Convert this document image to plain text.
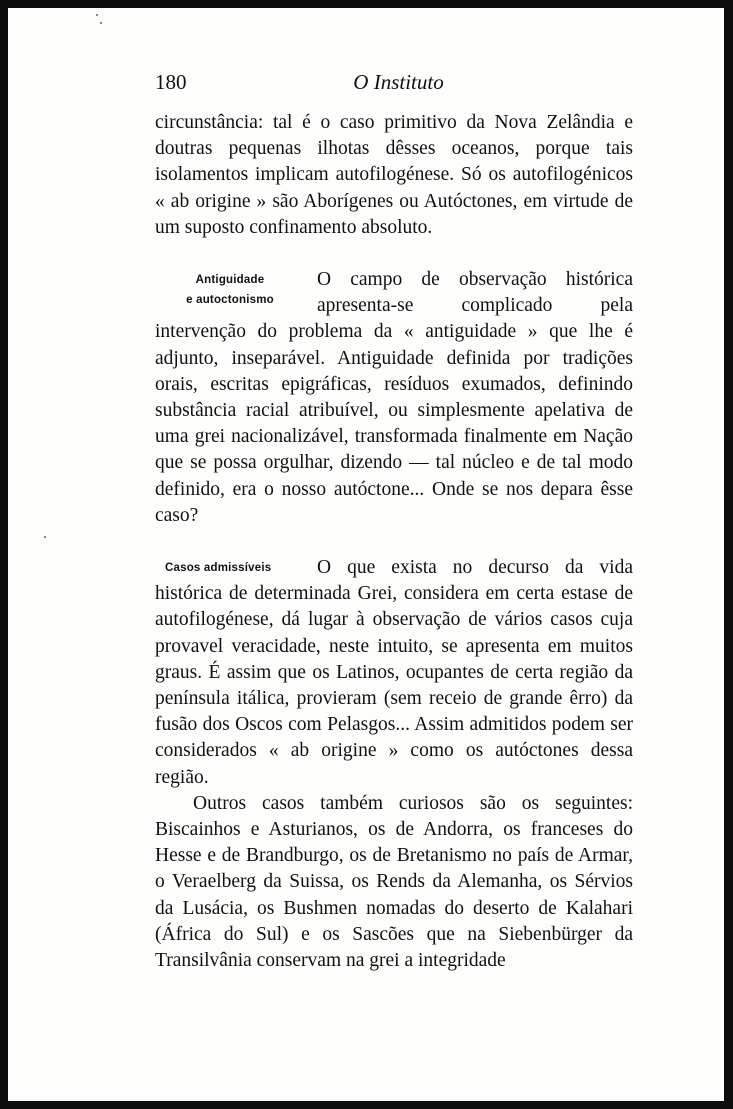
180	O Instituto

circunstância: tal é o caso primitivo da Nova Zelândia e doutras pequenas ilhotas dêsses oceanos, porque tais isolamentos implicam autofilogénese. Só os autofilogénicos « ab origine » são Aborígenes ou Autóctones, em virtude de um suposto confinamento absoluto.

Antiguidade
e autoctonismo
O campo de observação histórica apresenta-se complicado pela intervenção do problema da « antiguidade » que lhe é adjunto, inseparável. Antiguidade definida por tradições orais, escritas epigráficas, resíduos exumados, definindo substância racial atribuível, ou simplesmente apelativa de uma grei nacionalizável, transformada finalmente em Nação que se possa orgulhar, dizendo — tal núcleo e de tal modo definido, era o nosso autóctone... Onde se nos depara êsse caso?

Casos admissíveis	O que exista no decurso da vida histórica de determinada Grei, considera em certa estase de autofilogénese, dá lugar à observação de vários casos cuja provavel veracidade, neste intuito, se apresenta em muitos graus. É assim que os Latinos, ocupantes de certa região da península itálica, provieram (sem receio de grande êrro) da fusão dos Oscos com Pelasgos... Assim admitidos podem ser considerados « ab origine » como os autóctones dessa região.

Outros casos também curiosos são os seguintes: Biscainhos e Asturianos, os de Andorra, os franceses do Hesse e de Brandburgo, os de Bretanismo no país de Armar, o Veraelberg da Suissa, os Rends da Alemanha, os Sérvios da Lusácia, os Bushmen nomadas do deserto de Kalahari (África do Sul) e os Sascões que na Siebenbürger da Transilvânia conservam na grei a integridade
